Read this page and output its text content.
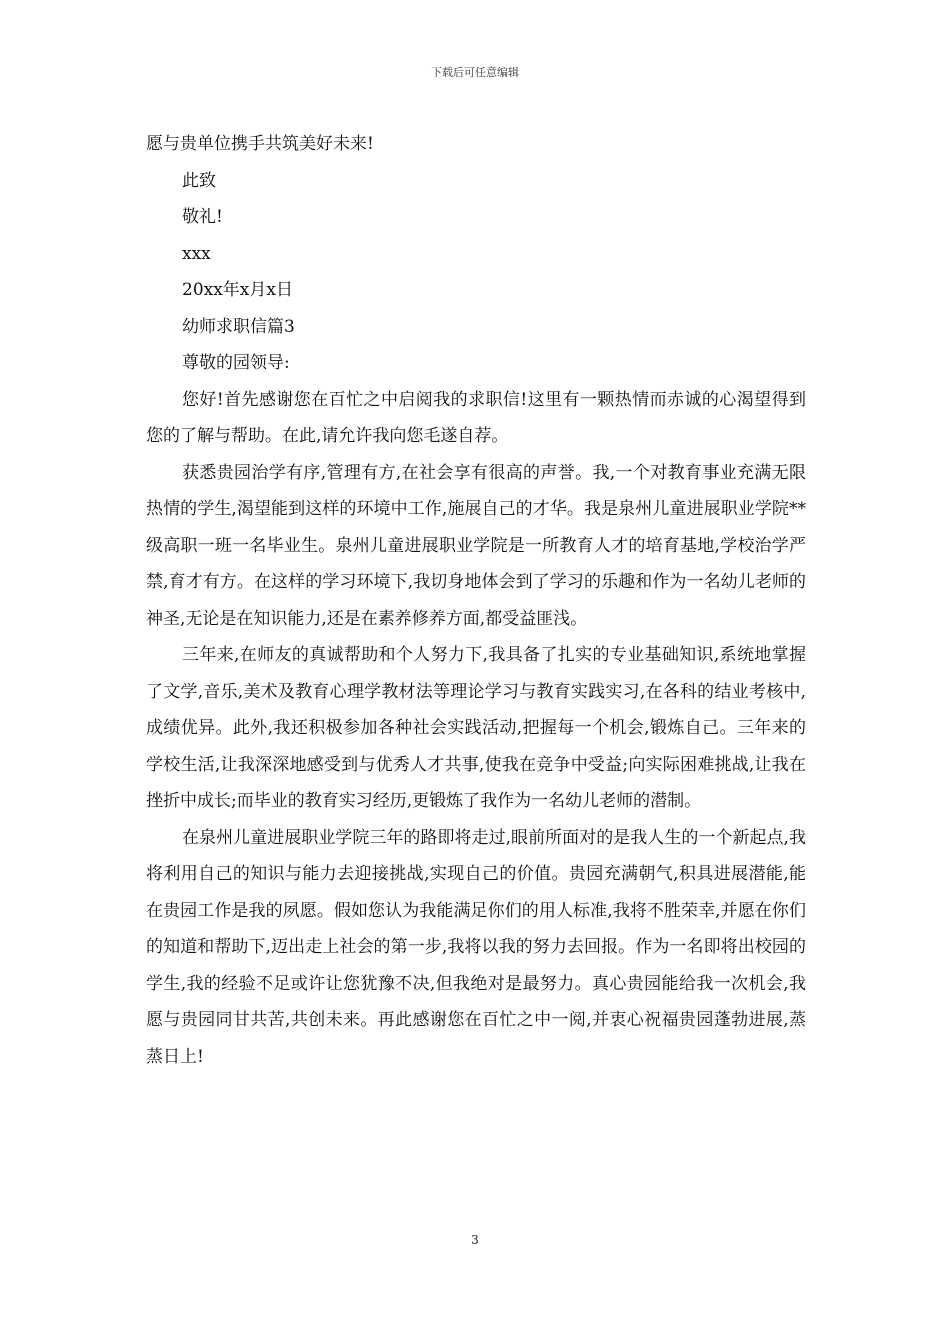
下载后可任意编辑

愿与贵单位携手共筑美好未来!

此致

敬礼!

xxx

20xx年x月x日

幼师求职信篇3

尊敬的园领导:

您好!首先感谢您在百忙之中启阅我的求职信!这里有一颗热情而赤诚的心渴望得到您的了解与帮助。在此,请允许我向您毛遂自荐。

获悉贵园治学有序,管理有方,在社会享有很高的声誉。我,一个对教育事业充满无限热情的学生,渴望能到这样的环境中工作,施展自己的才华。我是泉州儿童进展职业学院**级高职一班一名毕业生。泉州儿童进展职业学院是一所教育人才的培育基地,学校治学严禁,育才有方。在这样的学习环境下,我切身地体会到了学习的乐趣和作为一名幼儿老师的神圣,无论是在知识能力,还是在素养修养方面,都受益匪浅。

三年来,在师友的真诚帮助和个人努力下,我具备了扎实的专业基础知识,系统地掌握了文学,音乐,美术及教育心理学教材法等理论学习与教育实践实习,在各科的结业考核中,成绩优异。此外,我还积极参加各种社会实践活动,把握每一个机会,锻炼自己。三年来的学校生活,让我深深地感受到与优秀人才共事,使我在竞争中受益;向实际困难挑战,让我在挫折中成长;而毕业的教育实习经历,更锻炼了我作为一名幼儿老师的潜制。

在泉州儿童进展职业学院三年的路即将走过,眼前所面对的是我人生的一个新起点,我将利用自己的知识与能力去迎接挑战,实现自己的价值。贵园充满朝气,积具进展潜能,能在贵园工作是我的夙愿。假如您认为我能满足你们的用人标准,我将不胜荣幸,并愿在你们的知道和帮助下,迈出走上社会的第一步,我将以我的努力去回报。作为一名即将出校园的学生,我的经验不足或许让您犹豫不决,但我绝对是最努力。真心贵园能给我一次机会,我愿与贵园同甘共苦,共创未来。再此感谢您在百忙之中一阅,并衷心祝福贵园蓬勃进展,蒸蒸日上!

3
